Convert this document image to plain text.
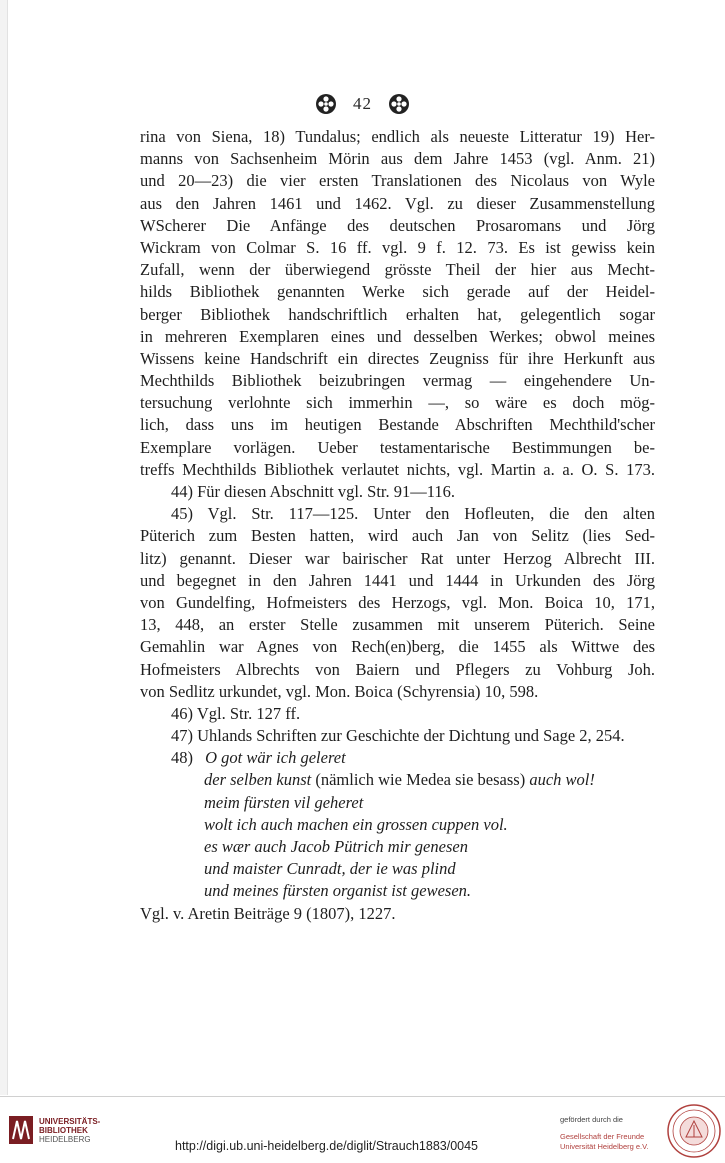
42
rina von Siena, 18) Tundalus; endlich als neueste Litteratur 19) Her-
manns von Sachsenheim Mörin aus dem Jahre 1453 (vgl. Anm. 21)
und 20—23) die vier ersten Translationen des Nicolaus von Wyle
aus den Jahren 1461 und 1462. Vgl. zu dieser Zusammenstellung
WScherer Die Anfänge des deutschen Prosaromans und Jörg
Wickram von Colmar S. 16 ff. vgl. 9 f. 12. 73. Es ist gewiss kein
Zufall, wenn der überwiegend grösste Theil der hier aus Mecht-
hilds Bibliothek genannten Werke sich gerade auf der Heidel-
berger Bibliothek handschriftlich erhalten hat, gelegentlich sogar
in mehreren Exemplaren eines und desselben Werkes; obwol meines
Wissens keine Handschrift ein directes Zeugniss für ihre Herkunft aus
Mechthilds Bibliothek beizubringen vermag — eingehendere Un-
tersuchung verlohnte sich immerhin —, so wäre es doch mög-
lich, dass uns im heutigen Bestande Abschriften Mechthild'scher
Exemplare vorlägen. Ueber testamentarische Bestimmungen be-
treffs Mechthilds Bibliothek verlautet nichts, vgl. Martin a. a. O. S. 173.
44) Für diesen Abschnitt vgl. Str. 91—116.
45) Vgl. Str. 117—125. Unter den Hofleuten, die den alten
Püterich zum Besten hatten, wird auch Jan von Selitz (lies Sed-
litz) genannt. Dieser war bairischer Rat unter Herzog Albrecht III.
und begegnet in den Jahren 1441 und 1444 in Urkunden des Jörg
von Gundelfing, Hofmeisters des Herzogs, vgl. Mon. Boica 10, 171,
13, 448, an erster Stelle zusammen mit unserem Püterich. Seine
Gemahlin war Agnes von Rech(en)berg, die 1455 als Wittwe des
Hofmeisters Albrechts von Baiern und Pflegers zu Vohburg Joh.
von Sedlitz urkundet, vgl. Mon. Boica (Schyrensia) 10, 598.
46) Vgl. Str. 127 ff.
47) Uhlands Schriften zur Geschichte der Dichtung und Sage 2, 254.
48) O got wär ich geleret
der selben kunst (nämlich wie Medea sie besass) auch wol!
meim fürsten vil geheret
wolt ich auch machen ein grossen cuppen vol.
es wær auch Jacob Pütrich mir genesen
und maister Cunradt, der ie was plind
und meines fürsten organist ist gewesen.
Vgl. v. Aretin Beiträge 9 (1807), 1227.
UNIVERSITÄTS-
BIBLIOTHEK
HEIDELBERG	http://digi.ub.uni-heidelberg.de/diglit/Strauch1883/0045
gefördert durch die
Gesellschaft der Freunde
Universität Heidelberg e.V.
